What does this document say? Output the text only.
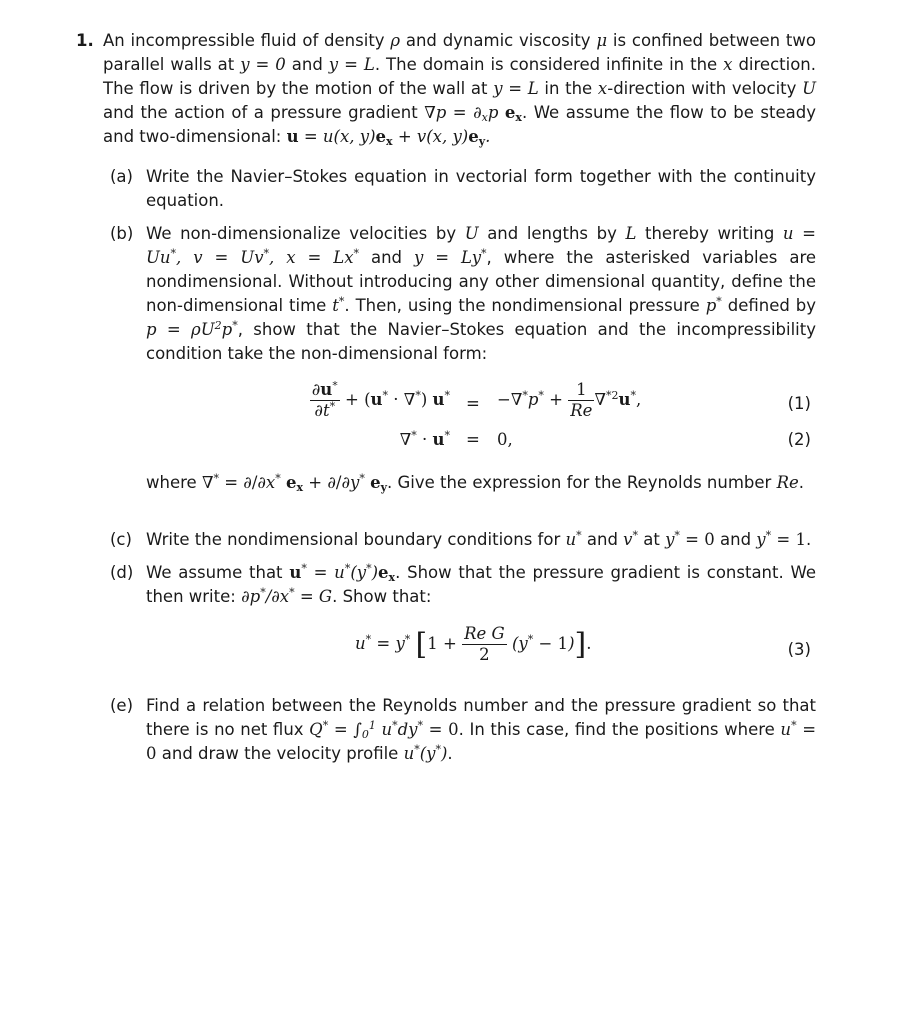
1. An incompressible fluid of density ρ and dynamic viscosity μ is confined between two parallel walls at y = 0 and y = L. The domain is considered infinite in the x direction. The flow is driven by the motion of the wall at y = L in the x-direction with velocity U and the action of a pressure gradient $\nabla p = \partial_xp$ $e_x$. We assume the flow to be steady and two-dimensional: u = u(x, $y)e_x + v(x$, $y)e_y$.
(a) Write the Navier–Stokes equation in vectorial form together with the continuity equation.
(b) We non-dimensionalize velocities by U and lengths by L thereby writing u = Uu*, v = Uv*, x = Lx* and y = Ly*, where the asterisked variables are nondimensional. Without introducing any other dimensional quantity, define the non-dimensional time t*. Then, using the nondimensional pressure p* defined by $p = \rho U^2p^*$, show that the Navier–Stokes equation and the incompressibility condition take the non-dimensional form:
$\frac{\partial u^*}{\partial t^*} + (u^* \cdot \nabla^*) u^* = -\nabla^*p^* + \frac{1}{Re} \nabla^{*2}u^*$,	(1)
∇* · u* = 0,	(2)
where ∇* = ∂/∂x* $e_x + \partial/\partial y^*$ $e_y$. Give the expression for the Reynolds number Re.
(c) Write the nondimensional boundary conditions for u* and v* at y* = 0 and y* = 1.
(d) We assume that $u^* = u^*(y^*)e_x$. Show that the pressure gradient is constant. We then write: ∂p*/∂x* = G. Show that:
u* = y* $[1 + \frac{\text{Re G}}{2} (y^* - 1)]$.	(3)
(e) Find a relation between the Reynolds number and the pressure gradient so that there is no net flux $Q^* = \int_0^1$ u*dy* = 0. In this case, find the positions where u* = 0 and draw the velocity profile u*(y*).
